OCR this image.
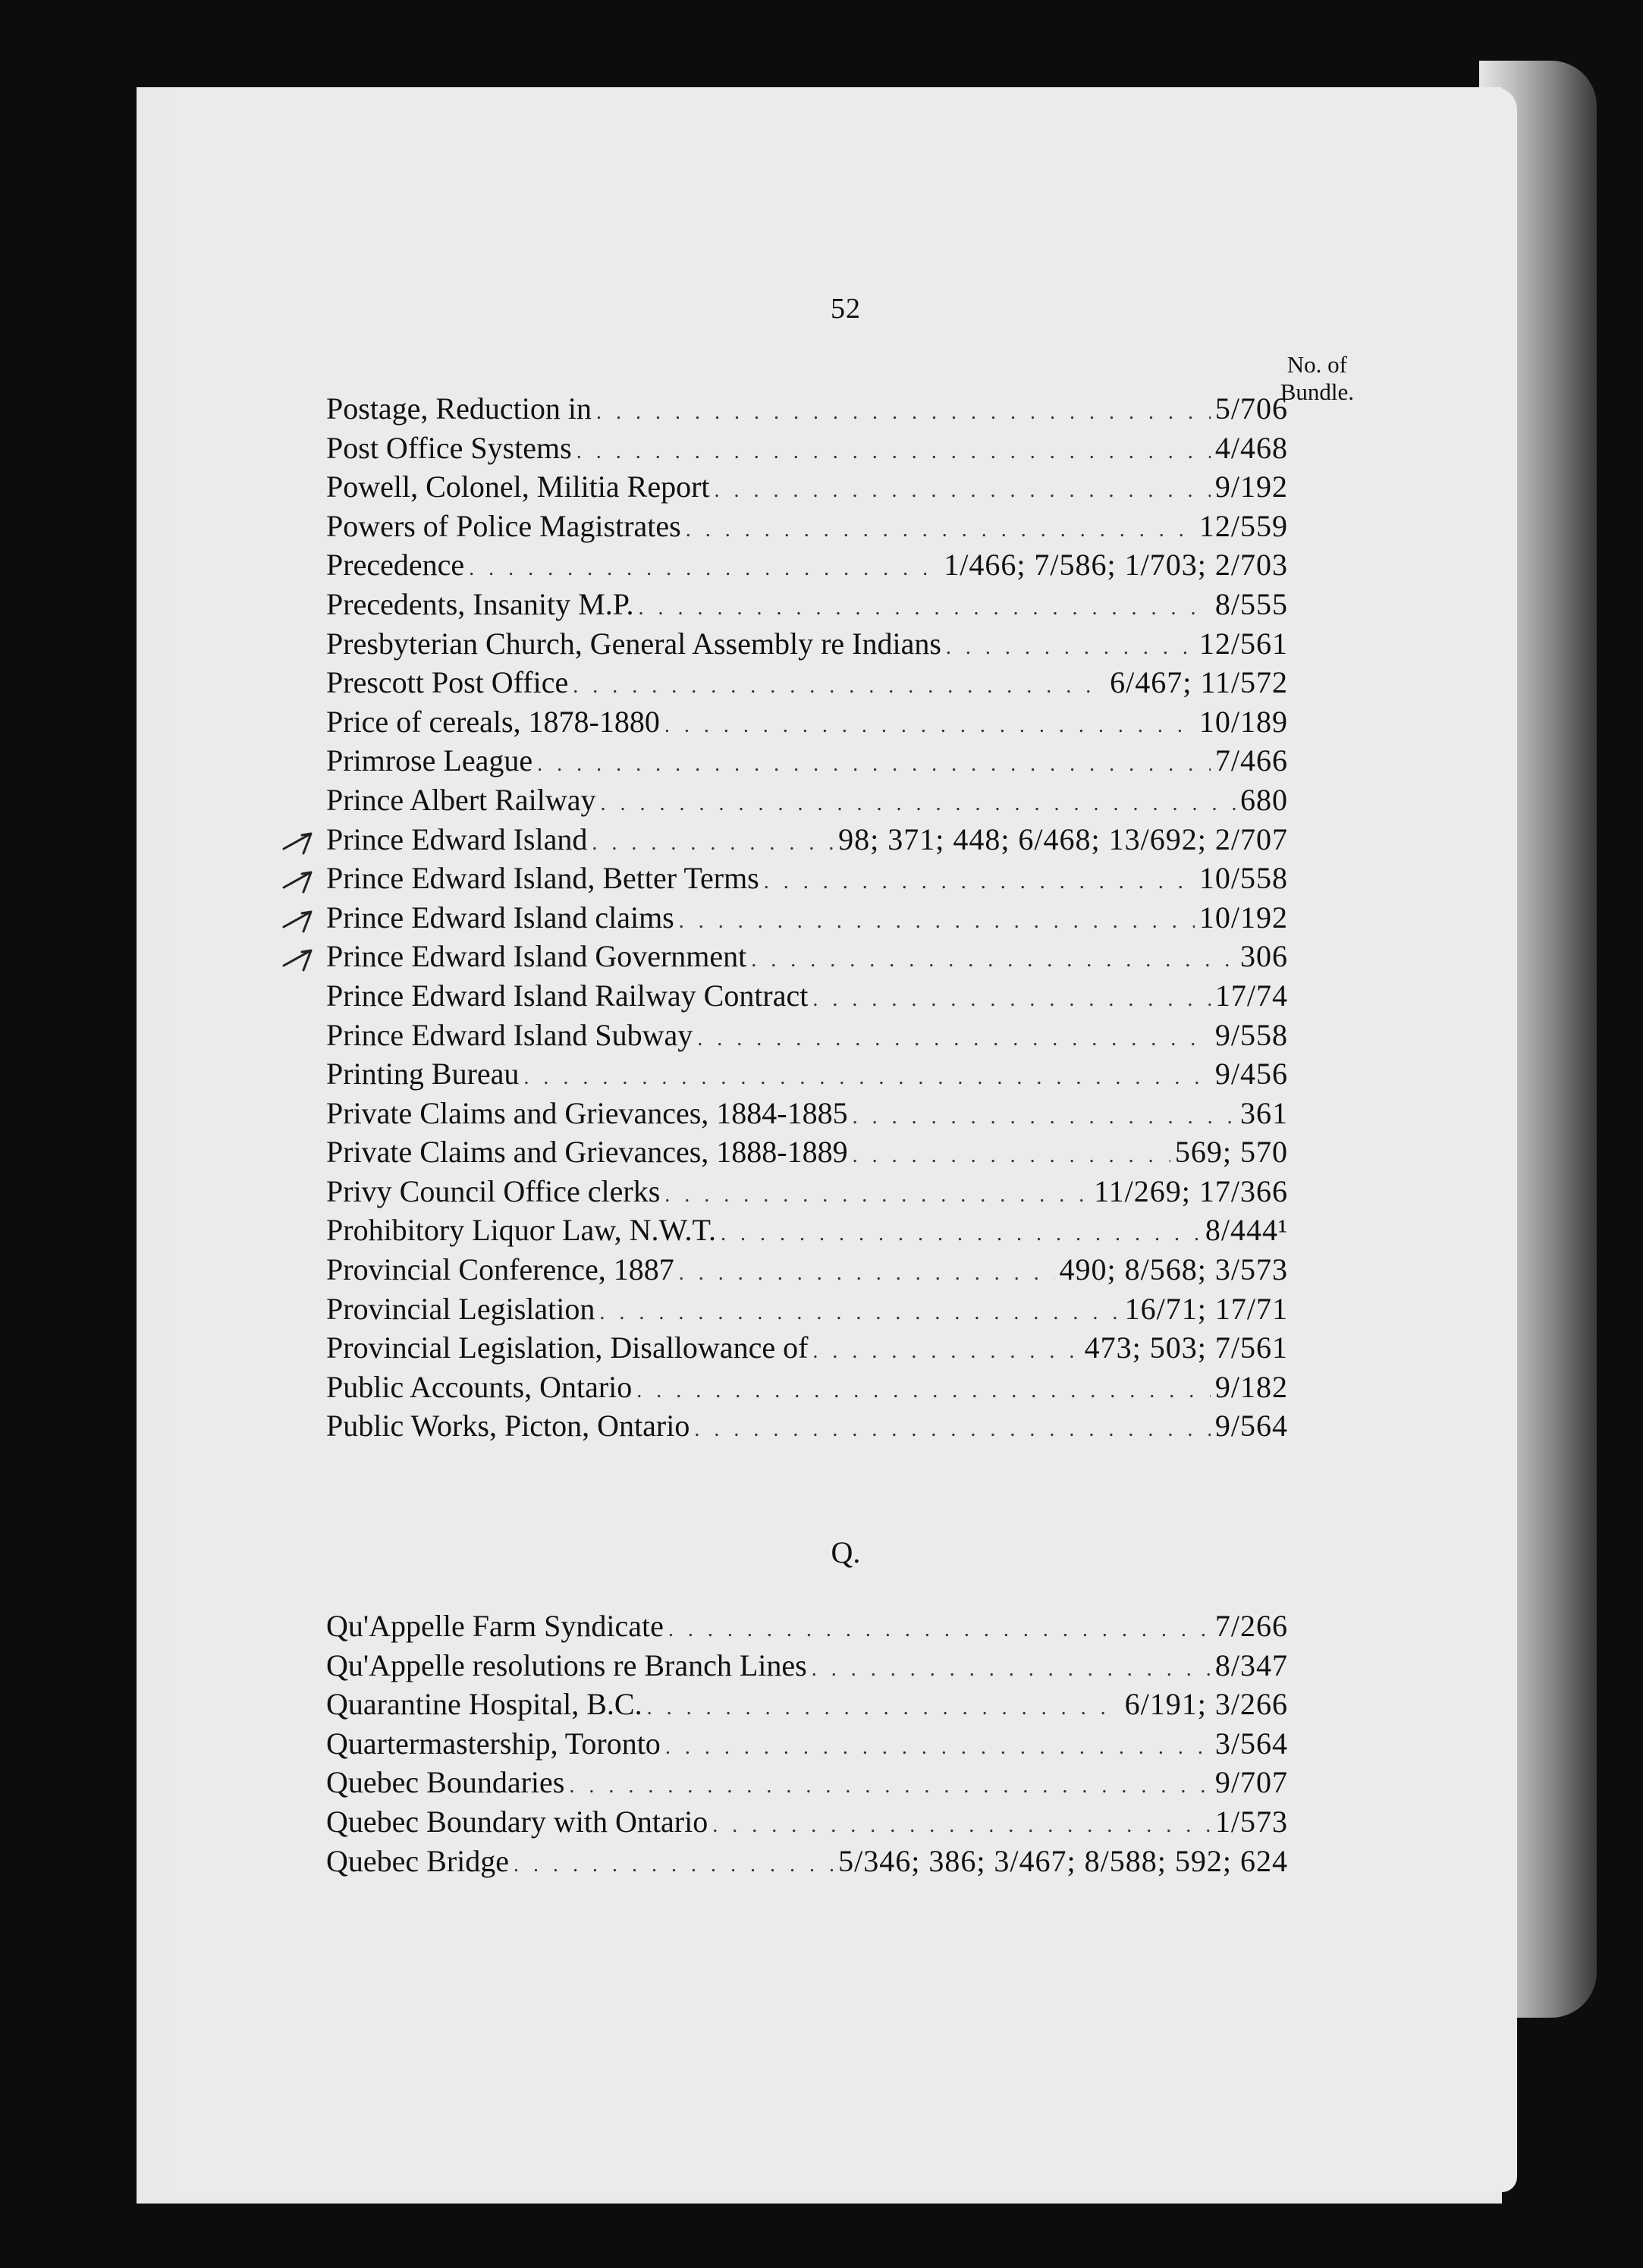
52
No. of
Bundle.
Postage, Reduction in . . .	5/706
Post Office Systems . . .	4/468
Powell, Colonel, Militia Report . . .	9/192
Powers of Police Magistrates . . .	12/559
Precedence . . .	1/466; 7/586; 1/703; 2/703
Precedents, Insanity M.P. . . .	8/555
Presbyterian Church, General Assembly re Indians . . .	12/561
Prescott Post Office . . .	6/467; 11/572
Price of cereals, 1878-1880 . . .	10/189
Primrose League . . .	7/466
Prince Albert Railway . . .	680
Prince Edward Island . . .	98; 371; 448; 6/468; 13/692; 2/707
Prince Edward Island, Better Terms . . .	10/558
Prince Edward Island claims . . .	10/192
Prince Edward Island Government . . .	306
Prince Edward Island Railway Contract . . .	17/74
Prince Edward Island Subway . . .	9/558
Printing Bureau . . .	9/456
Private Claims and Grievances, 1884-1885 . . .	361
Private Claims and Grievances, 1888-1889 . . .	569; 570
Privy Council Office clerks . . .	11/269; 17/366
Prohibitory Liquor Law, N.W.T. . . .	8/444¹
Provincial Conference, 1887 . . .	490; 8/568; 3/573
Provincial Legislation . . .	16/71; 17/71
Provincial Legislation, Disallowance of . . .	473; 503; 7/561
Public Accounts, Ontario . . .	9/182
Public Works, Picton, Ontario . . .	9/564
Q.
Qu'Appelle Farm Syndicate . . .	7/266
Qu'Appelle resolutions re Branch Lines . . .	8/347
Quarantine Hospital, B.C. . . .	6/191; 3/266
Quartermastership, Toronto . . .	3/564
Quebec Boundaries . . .	9/707
Quebec Boundary with Ontario . . .	1/573
Quebec Bridge . . .	5/346; 386; 3/467; 8/588; 592; 624
